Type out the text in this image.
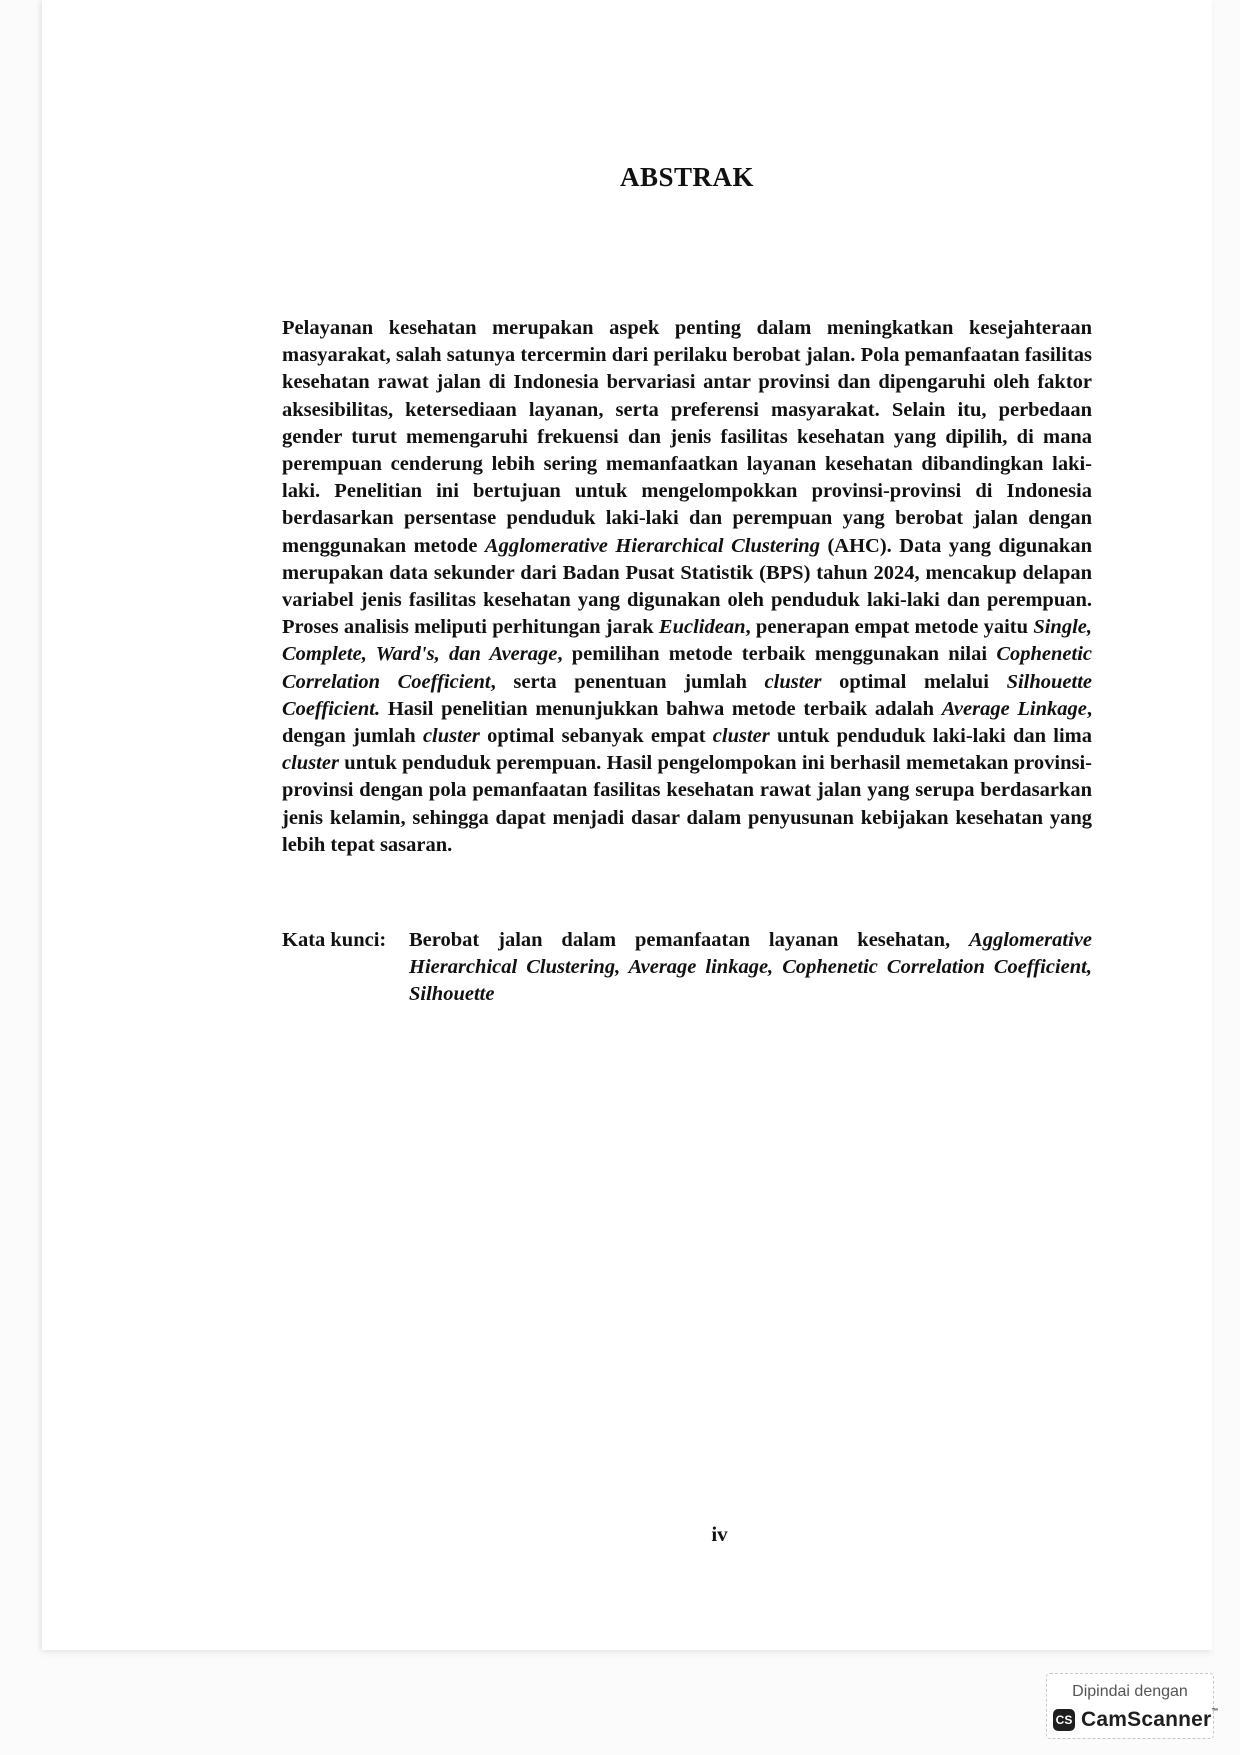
ABSTRAK
Pelayanan kesehatan merupakan aspek penting dalam meningkatkan kesejahteraan masyarakat, salah satunya tercermin dari perilaku berobat jalan. Pola pemanfaatan fasilitas kesehatan rawat jalan di Indonesia bervariasi antar provinsi dan dipengaruhi oleh faktor aksesibilitas, ketersediaan layanan, serta preferensi masyarakat. Selain itu, perbedaan gender turut memengaruhi frekuensi dan jenis fasilitas kesehatan yang dipilih, di mana perempuan cenderung lebih sering memanfaatkan layanan kesehatan dibandingkan laki-laki. Penelitian ini bertujuan untuk mengelompokkan provinsi-provinsi di Indonesia berdasarkan persentase penduduk laki-laki dan perempuan yang berobat jalan dengan menggunakan metode Agglomerative Hierarchical Clustering (AHC). Data yang digunakan merupakan data sekunder dari Badan Pusat Statistik (BPS) tahun 2024, mencakup delapan variabel jenis fasilitas kesehatan yang digunakan oleh penduduk laki-laki dan perempuan. Proses analisis meliputi perhitungan jarak Euclidean, penerapan empat metode yaitu Single, Complete, Ward's, dan Average, pemilihan metode terbaik menggunakan nilai Cophenetic Correlation Coefficient, serta penentuan jumlah cluster optimal melalui Silhouette Coefficient. Hasil penelitian menunjukkan bahwa metode terbaik adalah Average Linkage, dengan jumlah cluster optimal sebanyak empat cluster untuk penduduk laki-laki dan lima cluster untuk penduduk perempuan. Hasil pengelompokan ini berhasil memetakan provinsi-provinsi dengan pola pemanfaatan fasilitas kesehatan rawat jalan yang serupa berdasarkan jenis kelamin, sehingga dapat menjadi dasar dalam penyusunan kebijakan kesehatan yang lebih tepat sasaran.
Kata kunci:	Berobat jalan dalam pemanfaatan layanan kesehatan, Agglomerative Hierarchical Clustering, Average linkage, Cophenetic Correlation Coefficient, Silhouette
iv
Dipindai dengan
CS CamScanner™
